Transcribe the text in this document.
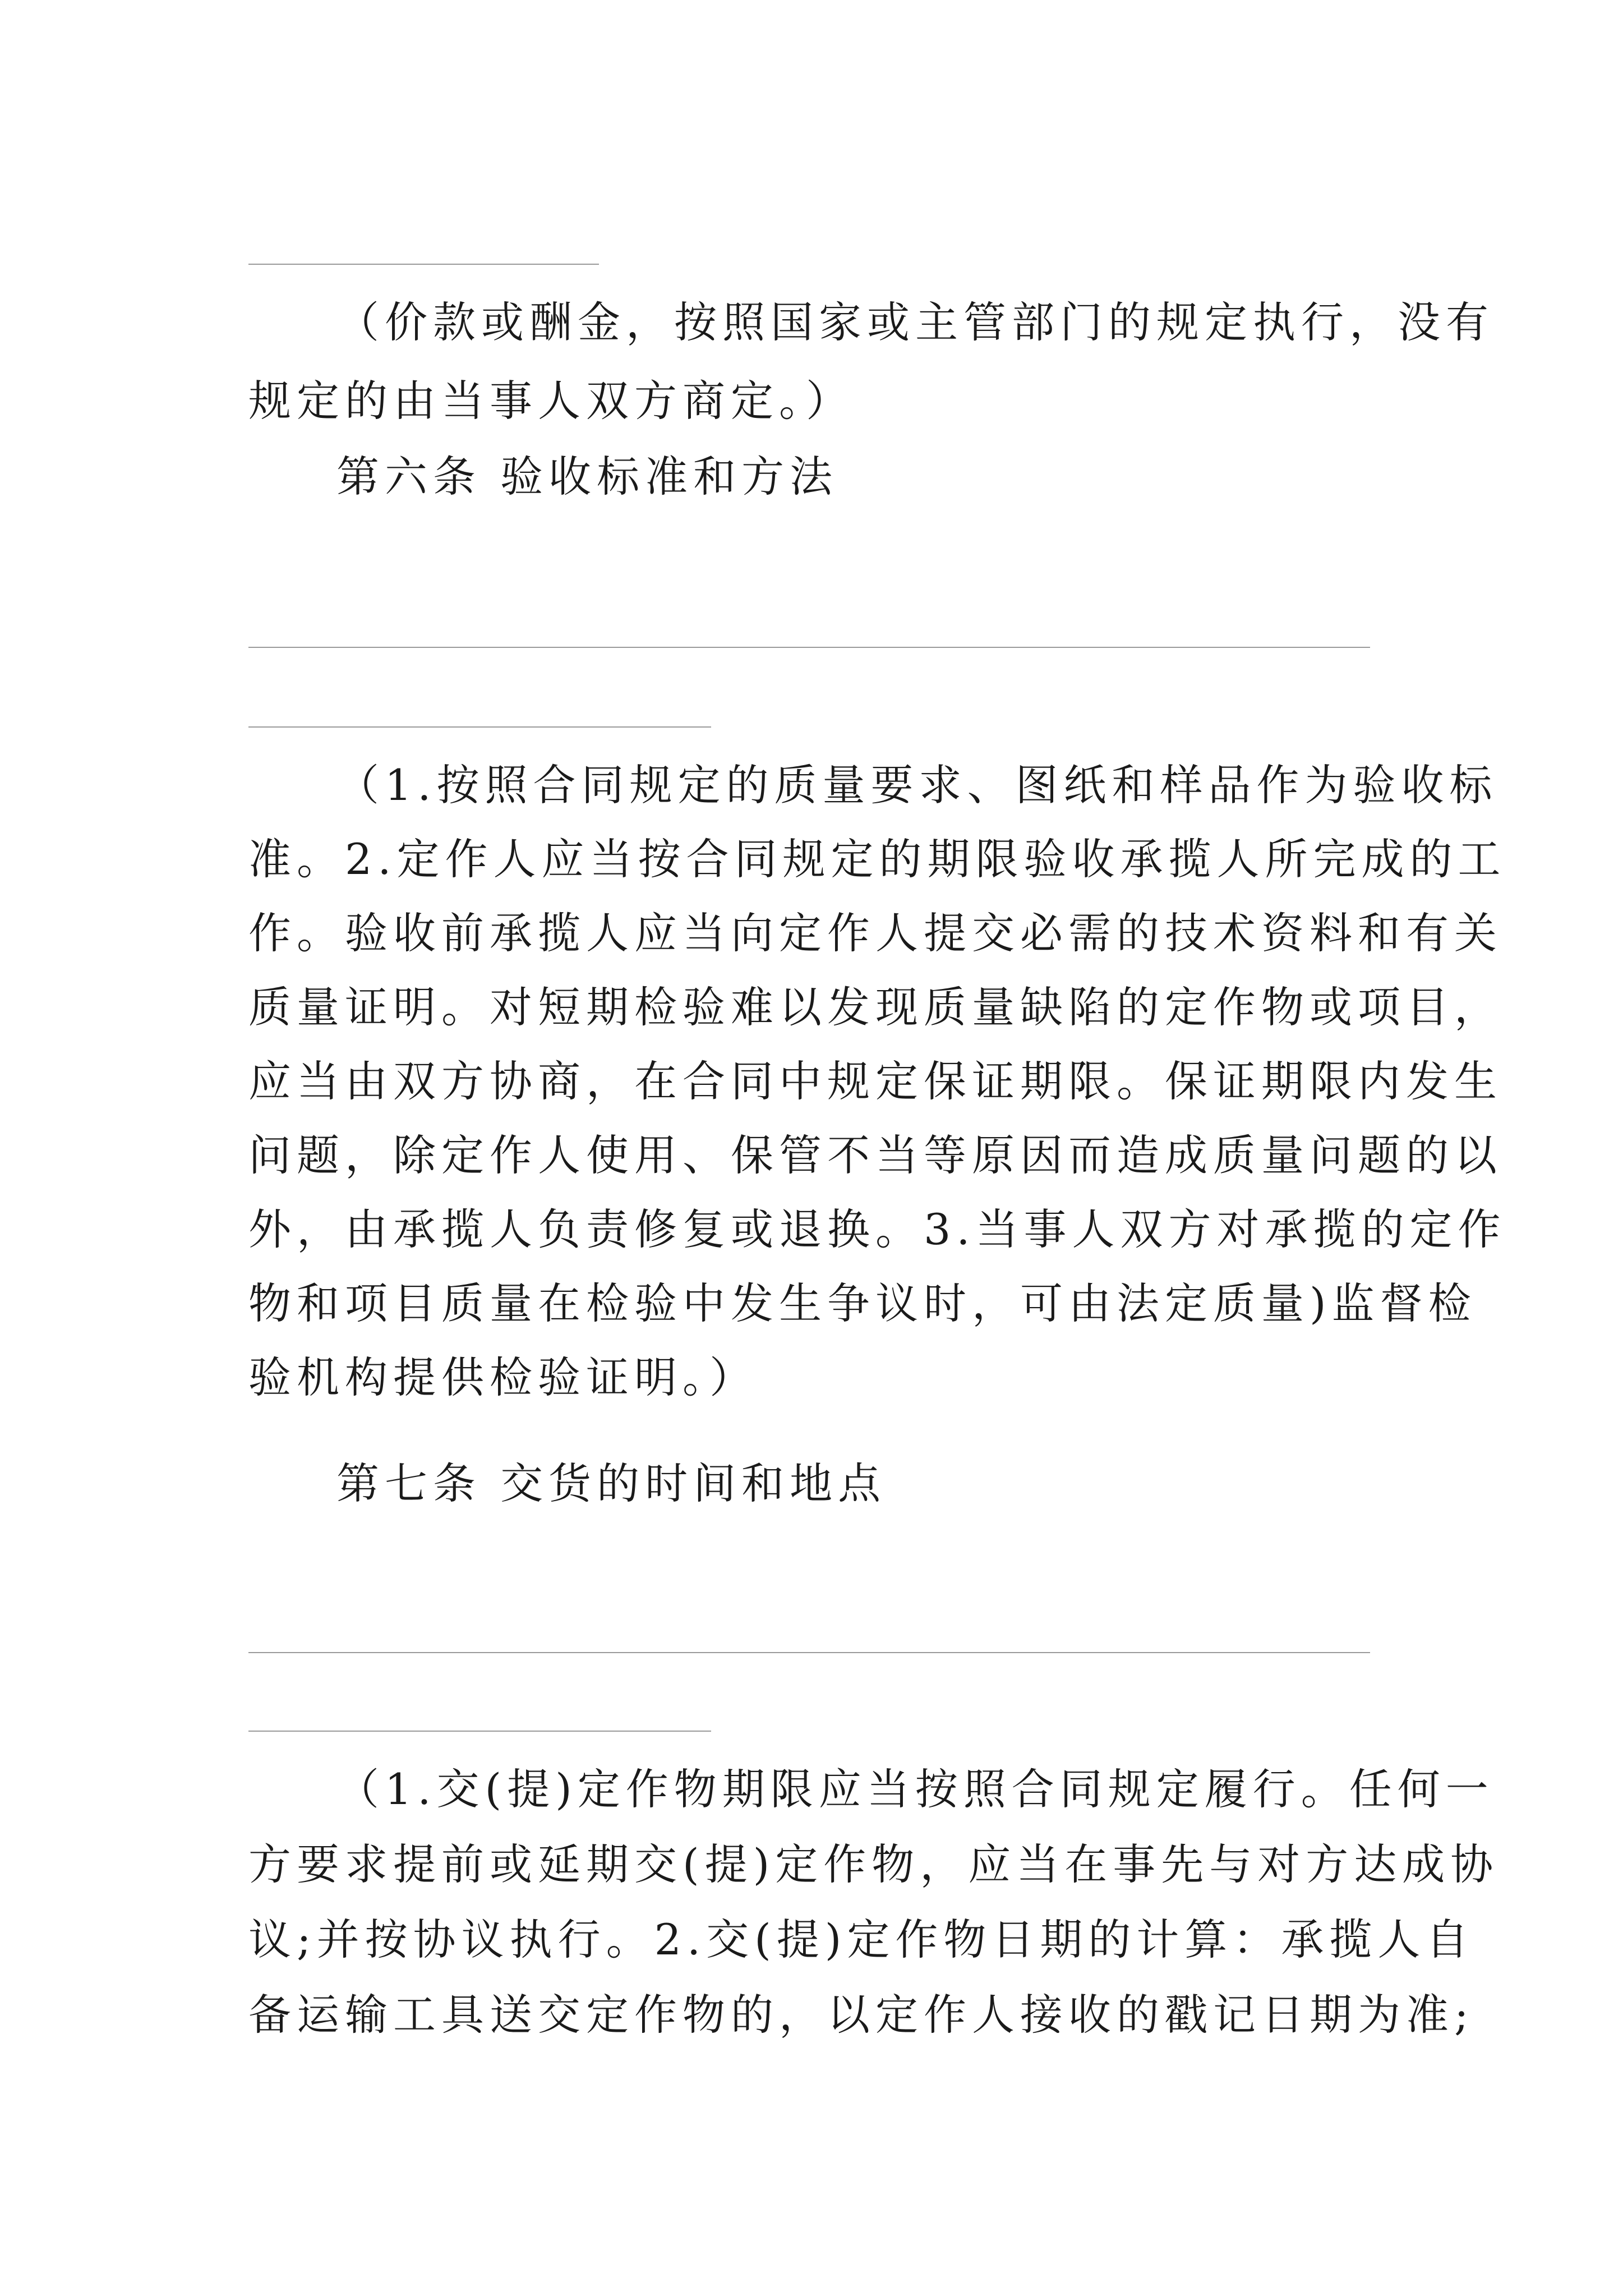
（价款或酬金，按照国家或主管部门的规定执行，没有
规定的由当事人双方商定。）
第六条 验收标准和方法
（1.按照合同规定的质量要求、图纸和样品作为验收标
准。2.定作人应当按合同规定的期限验收承揽人所完成的工
作。验收前承揽人应当向定作人提交必需的技术资料和有关
质量证明。对短期检验难以发现质量缺陷的定作物或项目，
应当由双方协商，在合同中规定保证期限。保证期限内发生
问题，除定作人使用、保管不当等原因而造成质量问题的以
外，由承揽人负责修复或退换。3.当事人双方对承揽的定作
物和项目质量在检验中发生争议时，可由法定质量)监督检
验机构提供检验证明。）
第七条 交货的时间和地点
（1.交(提)定作物期限应当按照合同规定履行。任何一
方要求提前或延期交(提)定作物，应当在事先与对方达成协
议;并按协议执行。2.交(提)定作物日期的计算：承揽人自
备运输工具送交定作物的，以定作人接收的戳记日期为准;
